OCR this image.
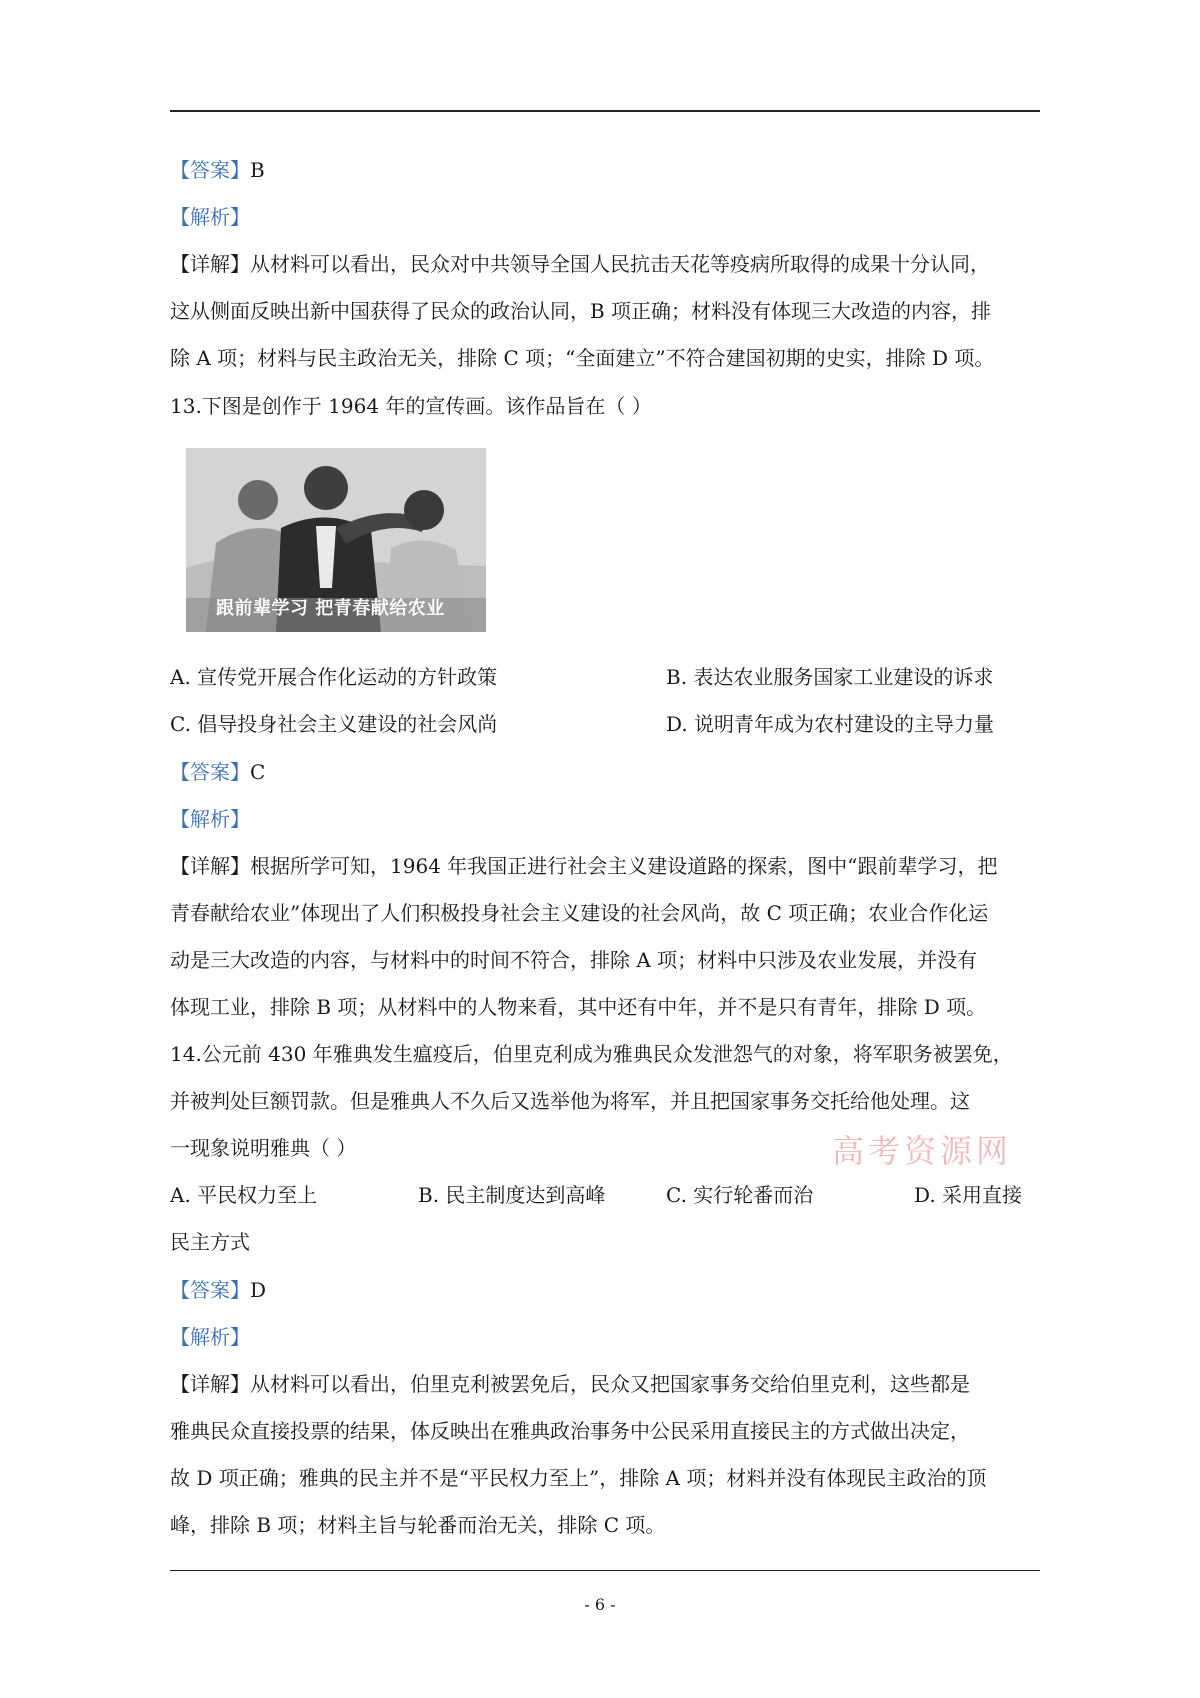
【答案】B
【解析】
【详解】从材料可以看出，民众对中共领导全国人民抗击天花等疫病所取得的成果十分认同，
这从侧面反映出新中国获得了民众的政治认同，B 项正确；材料没有体现三大改造的内容，排
除 A 项；材料与民主政治无关，排除 C 项；“全面建立”不符合建国初期的史实，排除 D 项。
13.下图是创作于 1964 年的宣传画。该作品旨在（ ）
跟前辈学习 把青春献给农业
A. 宣传党开展合作化运动的方针政策	B. 表达农业服务国家工业建设的诉求
C. 倡导投身社会主义建设的社会风尚	D. 说明青年成为农村建设的主导力量
【答案】C
【解析】
【详解】根据所学可知，1964 年我国正进行社会主义建设道路的探索，图中“跟前辈学习，把
青春献给农业”体现出了人们积极投身社会主义建设的社会风尚，故 C 项正确；农业合作化运
动是三大改造的内容，与材料中的时间不符合，排除 A 项；材料中只涉及农业发展，并没有
体现工业，排除 B 项；从材料中的人物来看，其中还有中年，并不是只有青年，排除 D 项。
14.公元前 430 年雅典发生瘟疫后，伯里克利成为雅典民众发泄怨气的对象，将军职务被罢免，
并被判处巨额罚款。但是雅典人不久后又选举他为将军，并且把国家事务交托给他处理。这
一现象说明雅典（ ）	高考资源网
A. 平民权力至上	B. 民主制度达到高峰	C. 实行轮番而治	D. 采用直接
民主方式
【答案】D
【解析】
【详解】从材料可以看出，伯里克利被罢免后，民众又把国家事务交给伯里克利，这些都是
雅典民众直接投票的结果，体反映出在雅典政治事务中公民采用直接民主的方式做出决定，
故 D 项正确；雅典的民主并不是“平民权力至上”，排除 A 项；材料并没有体现民主政治的顶
峰，排除 B 项；材料主旨与轮番而治无关，排除 C 项。
- 6 -
